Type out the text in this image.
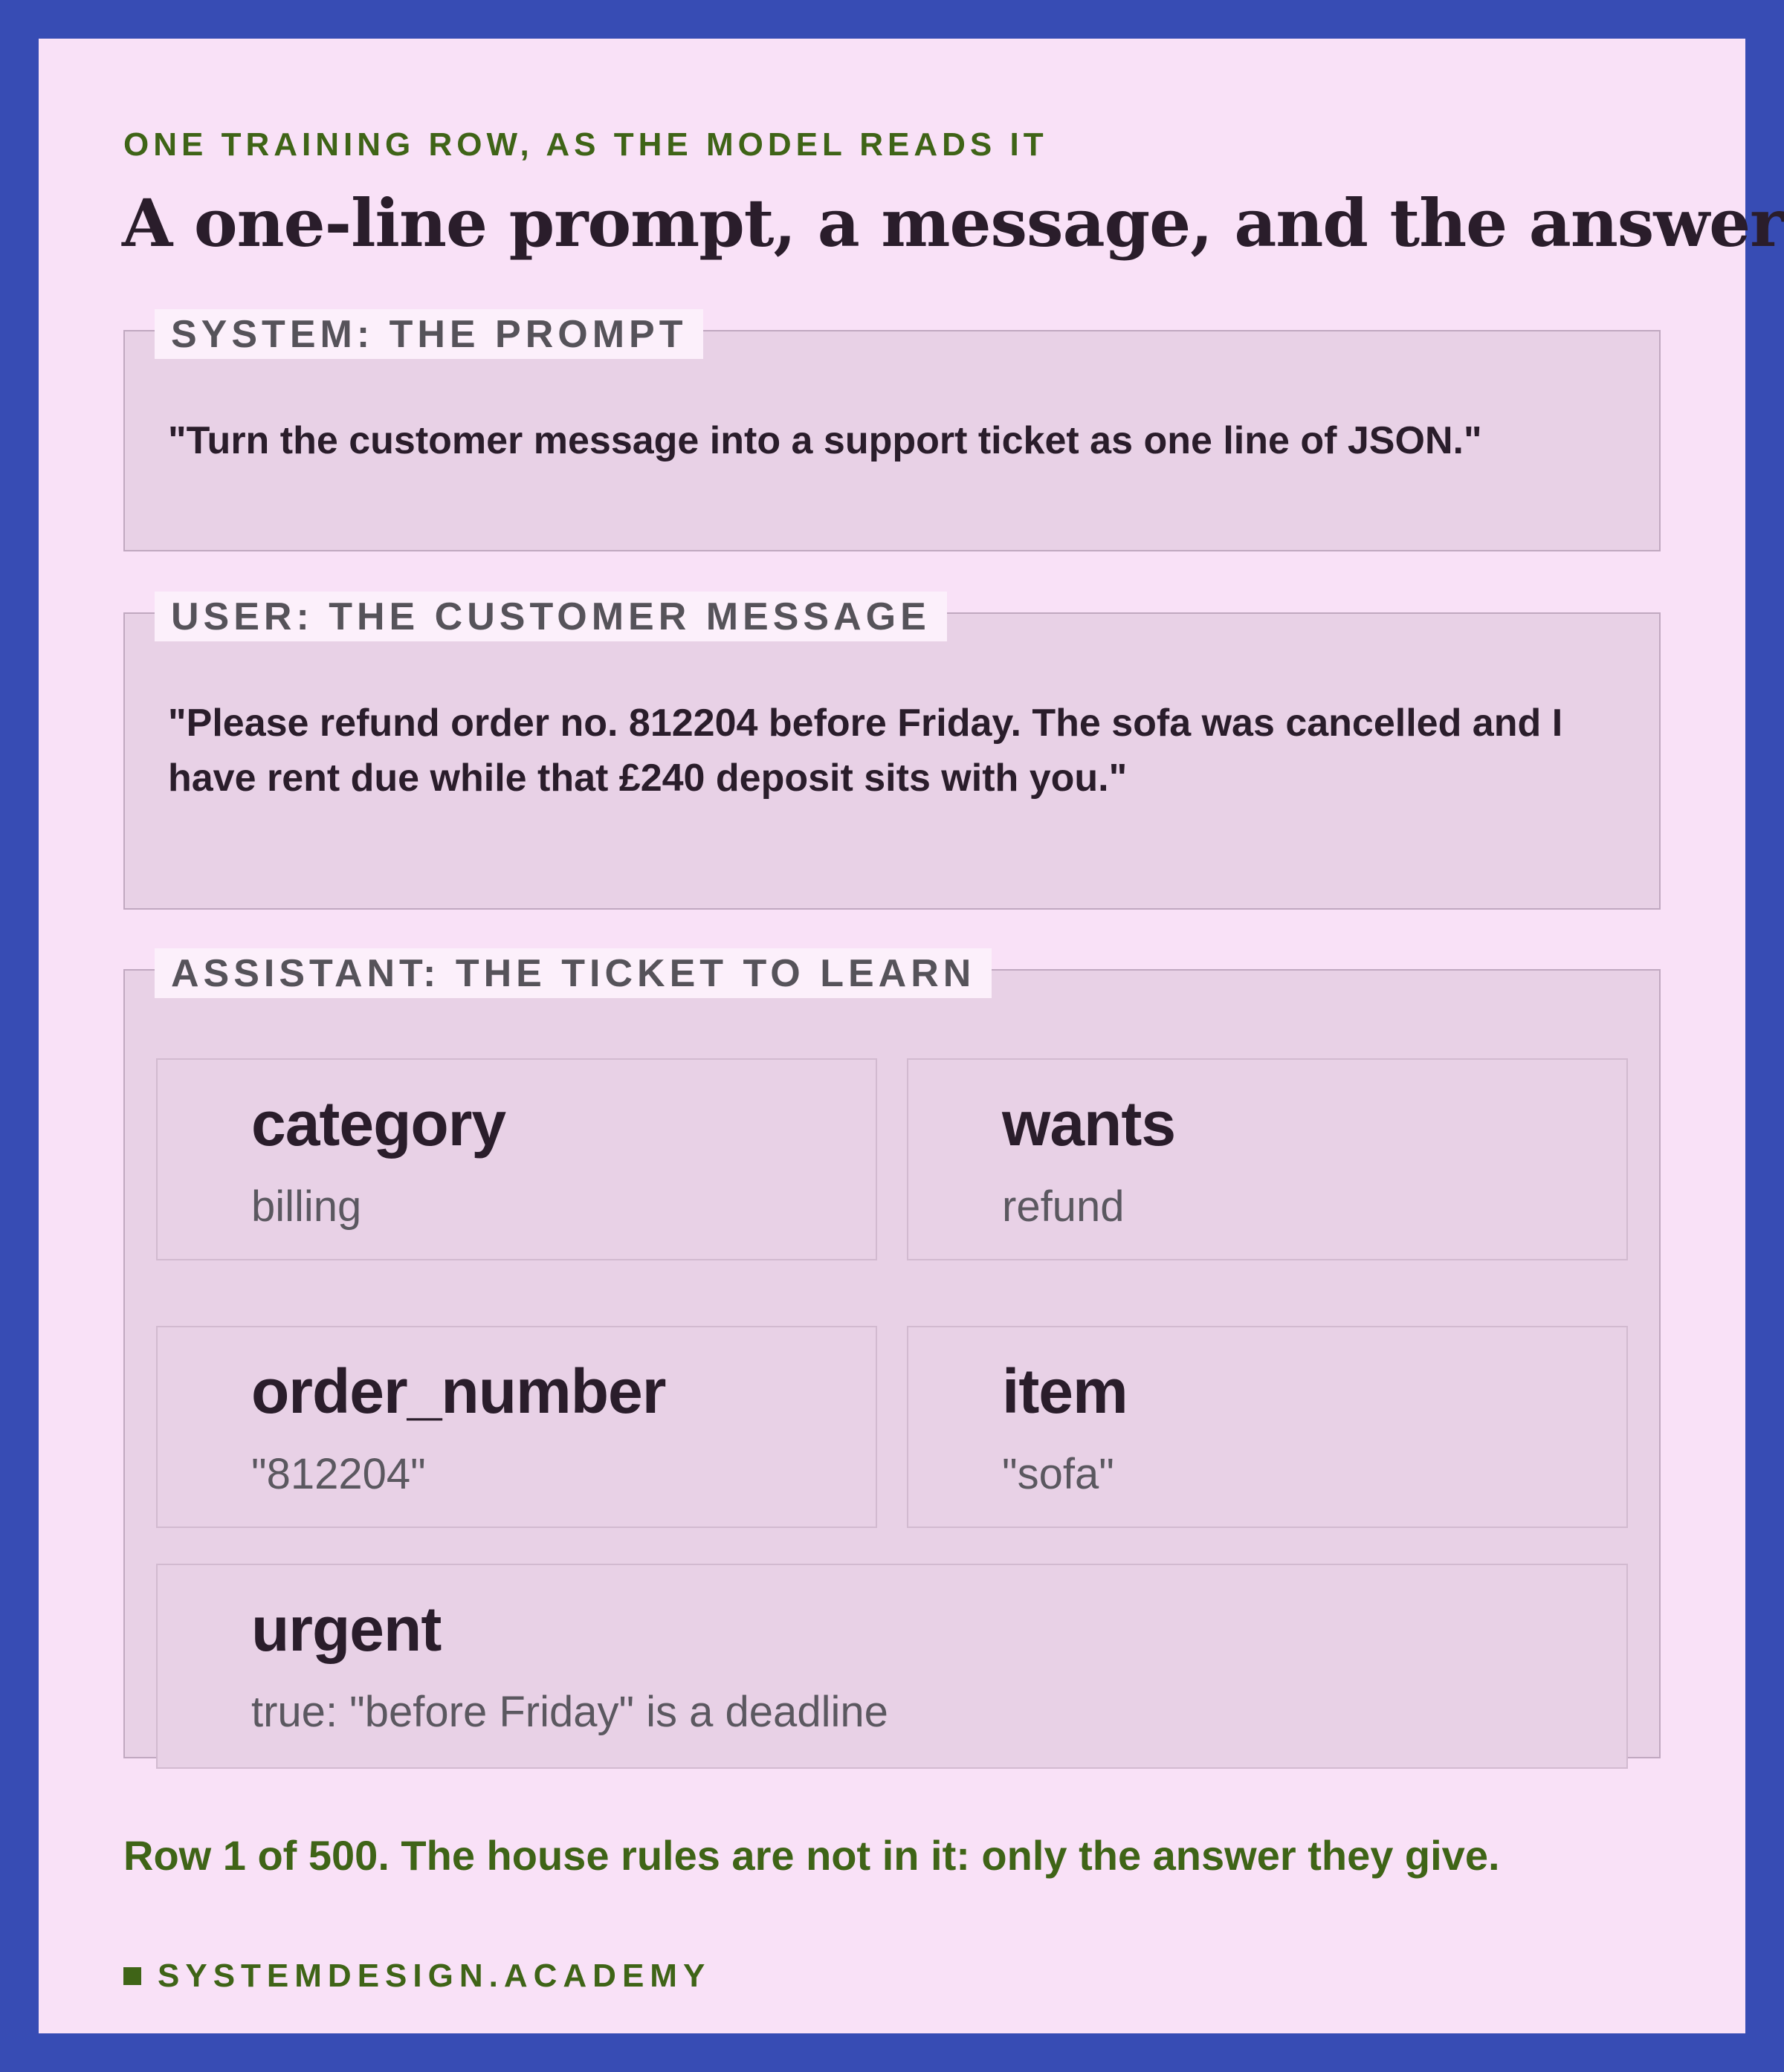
ONE TRAINING ROW, AS THE MODEL READS IT
A one-line prompt, a message, and the answer
SYSTEM: THE PROMPT
"Turn the customer message into a support ticket as one line of JSON."
USER: THE CUSTOMER MESSAGE
"Please refund order no. 812204 before Friday. The sofa was cancelled and I have rent due while that £240 deposit sits with you."
ASSISTANT: THE TICKET TO LEARN
category
billing
wants
refund
order_number
"812204"
item
"sofa"
urgent
true: "before Friday" is a deadline
Row 1 of 500. The house rules are not in it: only the answer they give.
SYSTEMDESIGN.ACADEMY
